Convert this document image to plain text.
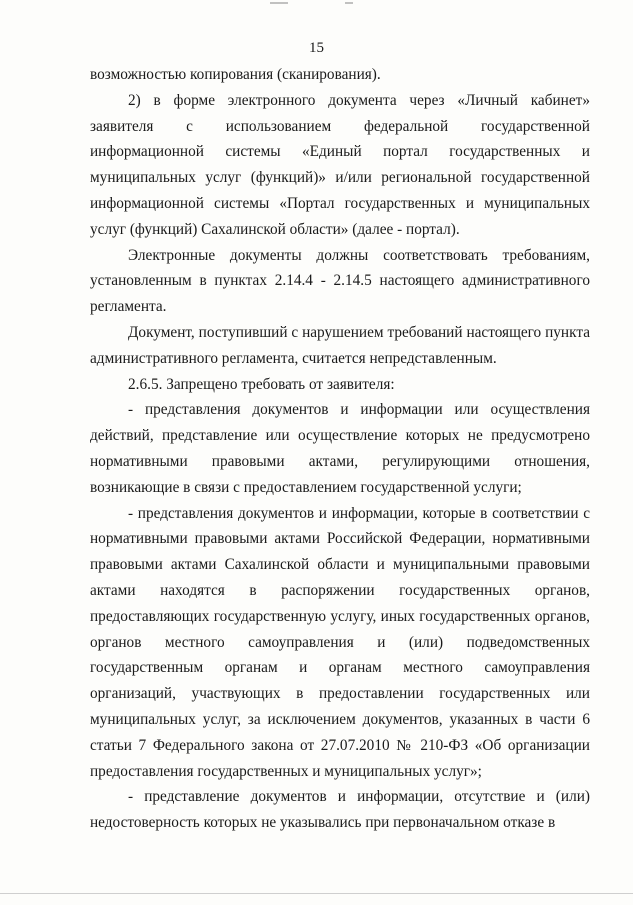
15

возможностью копирования (сканирования).

2) в форме электронного документа через «Личный кабинет» заявителя с использованием федеральной государственной информационной системы «Единый портал государственных и муниципальных услуг (функций)» и/или региональной государственной информационной системы «Портал государственных и муниципальных услуг (функций) Сахалинской области» (далее - портал).

Электронные документы должны соответствовать требованиям, установленным в пунктах 2.14.4 - 2.14.5 настоящего административного регламента.

Документ, поступивший с нарушением требований настоящего пункта административного регламента, считается непредставленным.

2.6.5. Запрещено требовать от заявителя:

- представления документов и информации или осуществления действий, представление или осуществление которых не предусмотрено нормативными правовыми актами, регулирующими отношения, возникающие в связи с предоставлением государственной услуги;

- представления документов и информации, которые в соответствии с нормативными правовыми актами Российской Федерации, нормативными правовыми актами Сахалинской области и муниципальными правовыми актами находятся в распоряжении государственных органов, предоставляющих государственную услугу, иных государственных органов, органов местного самоуправления и (или) подведомственных государственным органам и органам местного самоуправления организаций, участвующих в предоставлении государственных или муниципальных услуг, за исключением документов, указанных в части 6 статьи 7 Федерального закона от 27.07.2010 № 210-ФЗ «Об организации предоставления государственных и муниципальных услуг»;

- представление документов и информации, отсутствие и (или) недостоверность которых не указывались при первоначальном отказе в
